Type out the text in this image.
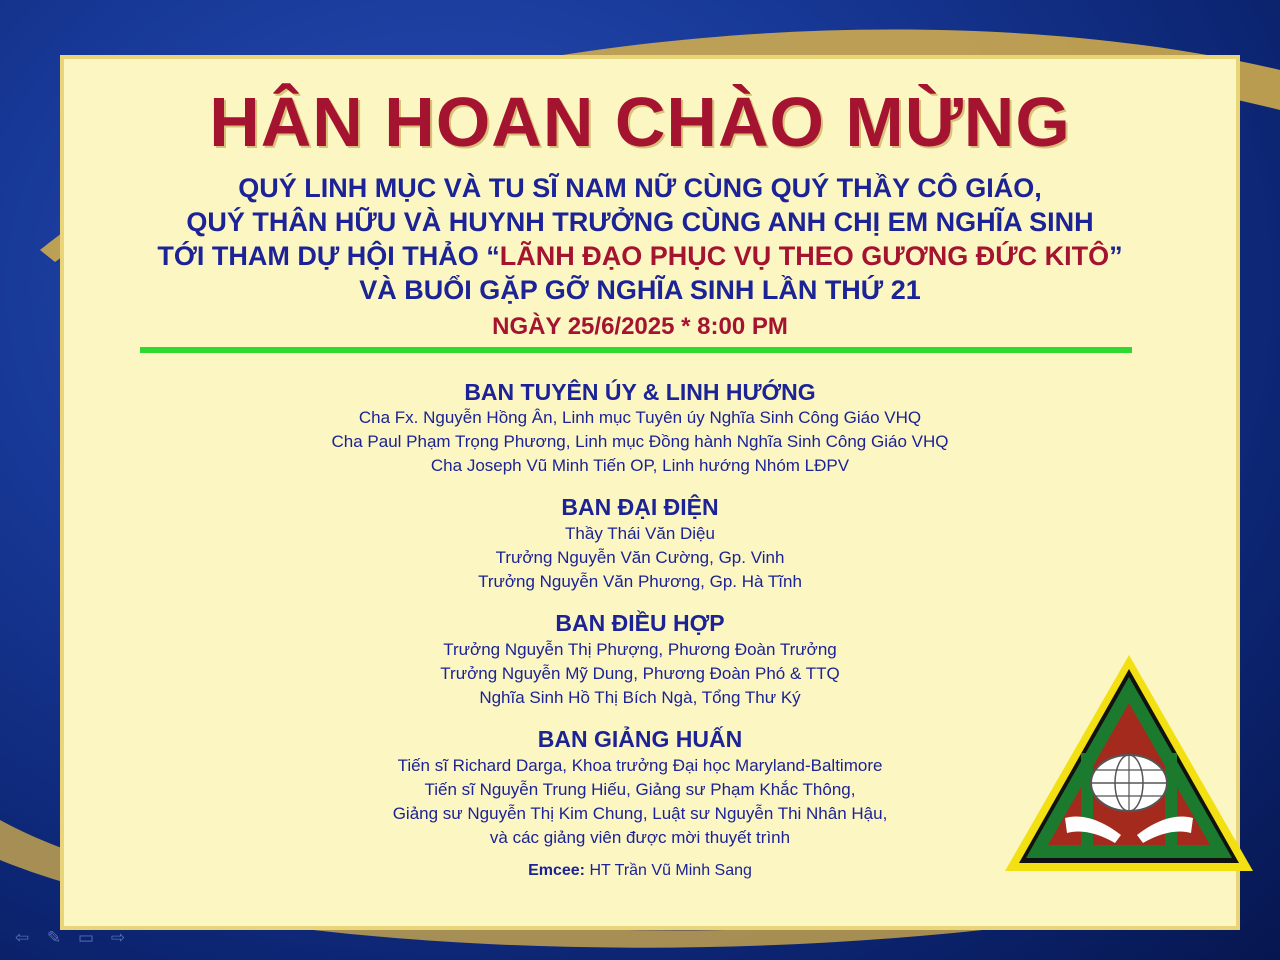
HÂN HOAN CHÀO MỪNG
QUÝ LINH MỤC VÀ TU SĨ NAM NỮ CÙNG QUÝ THẦY CÔ GIÁO,
QUÝ THÂN HỮU VÀ HUYNH TRƯỞNG CÙNG ANH CHỊ EM NGHĨA SINH
TỚI THAM DỰ HỘI THẢO “LÃNH ĐẠO PHỤC VỤ THEO GƯƠNG ĐỨC KITÔ”
VÀ BUỔI GẶP GỠ NGHĨA SINH LẦN THỨ 21
NGÀY 25/6/2025 * 8:00 PM
BAN TUYÊN ÚY & LINH HƯỚNG
Cha Fx. Nguyễn Hồng Ân, Linh mục Tuyên úy Nghĩa Sinh Công Giáo VHQ
Cha Paul Phạm Trọng Phương, Linh mục Đồng hành Nghĩa Sinh Công Giáo VHQ
Cha Joseph Vũ Minh Tiến OP, Linh hướng Nhóm LĐPV
BAN ĐẠI ĐIỆN
Thầy Thái Văn Diệu
Trưởng Nguyễn Văn Cường, Gp. Vinh
Trưởng Nguyễn Văn Phương, Gp. Hà Tĩnh
BAN ĐIỀU HỢP
Trưởng Nguyễn Thị Phượng, Phương Đoàn Trưởng
Trưởng Nguyễn Mỹ Dung, Phương Đoàn Phó & TTQ
Nghĩa Sinh Hồ Thị Bích Ngà, Tổng Thư Ký
BAN GIẢNG HUẤN
Tiến sĩ Richard Darga, Khoa trưởng Đại học Maryland-Baltimore
Tiến sĩ Nguyễn Trung Hiếu, Giảng sư Phạm Khắc Thông,
Giảng sư Nguyễn Thị Kim Chung, Luật sư Nguyễn Thi Nhân Hậu,
và các giảng viên được mời thuyết trình
Emcee: HT Trần Vũ Minh Sang
⇦ ✎ ▭ ⇨
